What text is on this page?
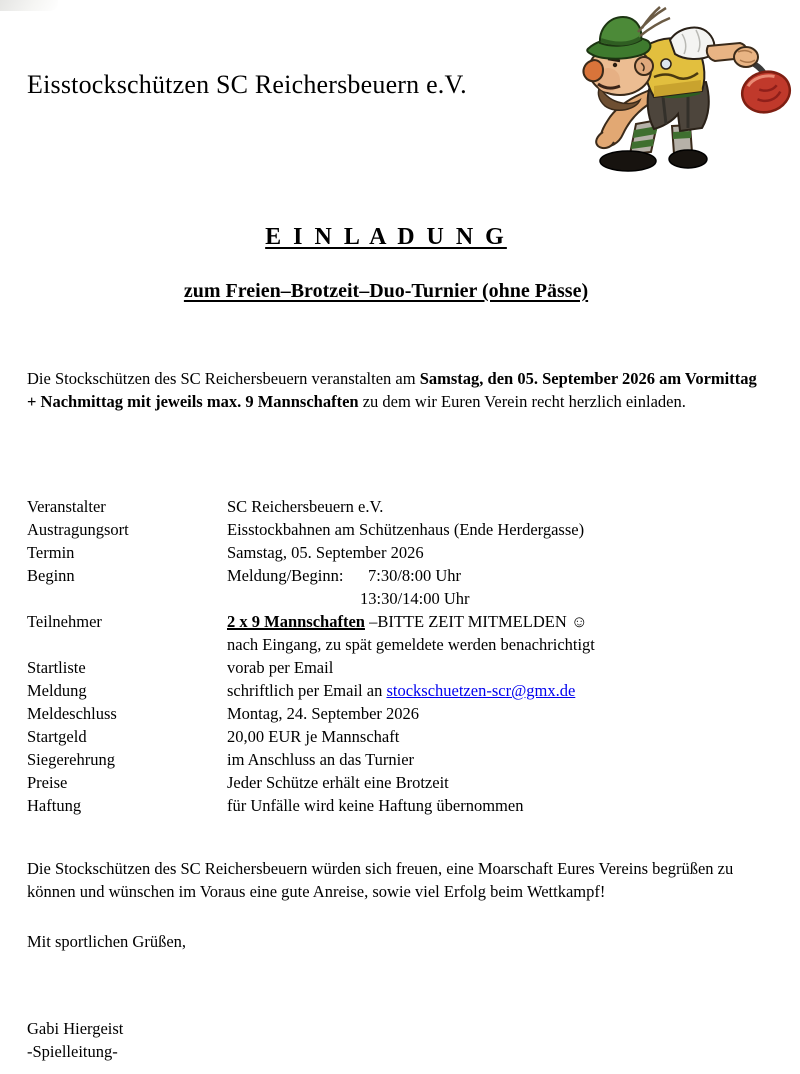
Eisstockschützen SC Reichersbeuern e.V.
E I N L A D U N G
zum Freien–Brotzeit–Duo-Turnier (ohne Pässe)

Die Stockschützen des SC Reichersbeuern veranstalten am Samstag, den 05. September 2026 am Vormittag + Nachmittag mit jeweils max. 9 Mannschaften zu dem wir Euren Verein recht herzlich einladen.

Veranstalter	SC Reichersbeuern e.V.
Austragungsort	Eisstockbahnen am Schützenhaus (Ende Herdergasse)
Termin	Samstag, 05. September 2026
Beginn	Meldung/Beginn: 7:30/8:00 Uhr
13:30/14:00 Uhr
Teilnehmer	2 x 9 Mannschaften –BITTE ZEIT MITMELDEN ☺
nach Eingang, zu spät gemeldete werden benachrichtigt
Startliste	vorab per Email
Meldung	schriftlich per Email an stockschuetzen-scr@gmx.de
Meldeschluss	Montag, 24. September 2026
Startgeld	20,00 EUR je Mannschaft
Siegerehrung	im Anschluss an das Turnier
Preise	Jeder Schütze erhält eine Brotzeit
Haftung	für Unfälle wird keine Haftung übernommen

Die Stockschützen des SC Reichersbeuern würden sich freuen, eine Moarschaft Eures Vereins begrüßen zu können und wünschen im Voraus eine gute Anreise, sowie viel Erfolg beim Wettkampf!

Mit sportlichen Grüßen,

Gabi Hiergeist
-Spielleitung-
